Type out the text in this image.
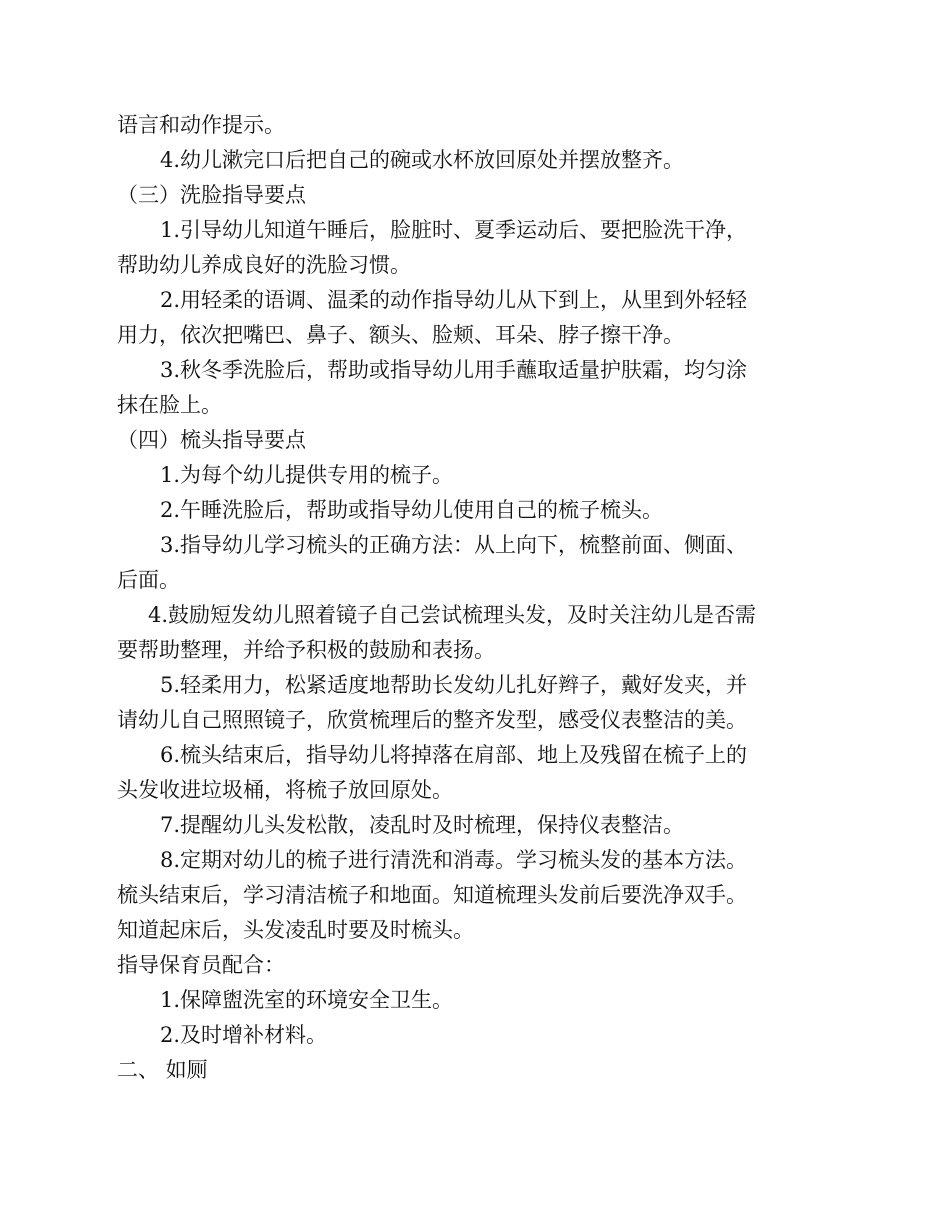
语言和动作提示。
4.幼儿漱完口后把自己的碗或水杯放回原处并摆放整齐。
（三）洗脸指导要点
1.引导幼儿知道午睡后，脸脏时、夏季运动后、要把脸洗干净，
帮助幼儿养成良好的洗脸习惯。
2.用轻柔的语调、温柔的动作指导幼儿从下到上，从里到外轻轻
用力，依次把嘴巴、鼻子、额头、脸颊、耳朵、脖子擦干净。
3.秋冬季洗脸后，帮助或指导幼儿用手蘸取适量护肤霜，均匀涂
抹在脸上。
（四）梳头指导要点
1.为每个幼儿提供专用的梳子。
2.午睡洗脸后，帮助或指导幼儿使用自己的梳子梳头。
3.指导幼儿学习梳头的正确方法：从上向下，梳整前面、侧面、
后面。
4.鼓励短发幼儿照着镜子自己尝试梳理头发，及时关注幼儿是否需
要帮助整理，并给予积极的鼓励和表扬。
5.轻柔用力，松紧适度地帮助长发幼儿扎好辫子，戴好发夹，并
请幼儿自己照照镜子，欣赏梳理后的整齐发型，感受仪表整洁的美。
6.梳头结束后，指导幼儿将掉落在肩部、地上及残留在梳子上的
头发收进垃圾桶，将梳子放回原处。
7.提醒幼儿头发松散，凌乱时及时梳理，保持仪表整洁。
8.定期对幼儿的梳子进行清洗和消毒。学习梳头发的基本方法。
梳头结束后，学习清洁梳子和地面。知道梳理头发前后要洗净双手。
知道起床后，头发凌乱时要及时梳头。
指导保育员配合：
1.保障盥洗室的环境安全卫生。
2.及时增补材料。
二、 如厕
